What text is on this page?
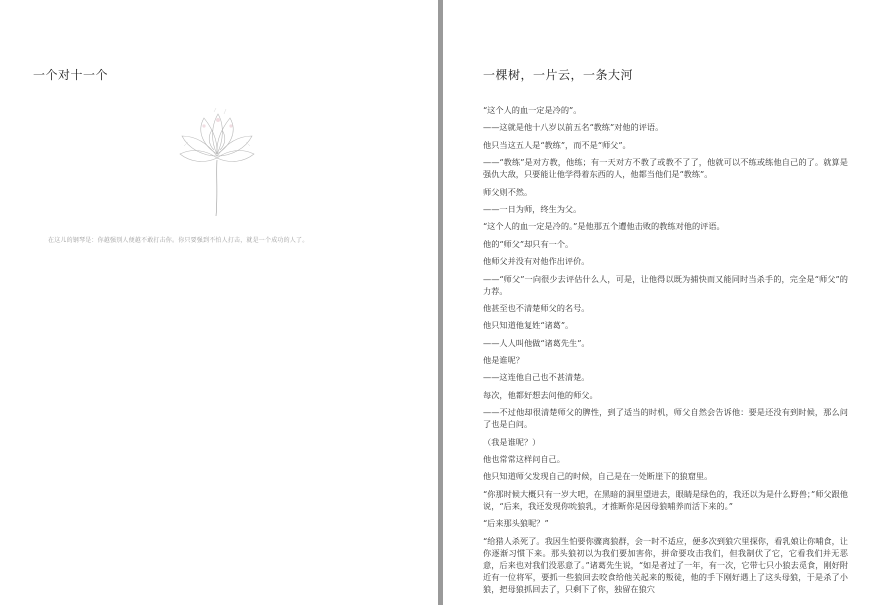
一个对十一个
在这儿的钢琴是：你越强别人便越不敢打击你。你只要强到不怕人打击，就是一个成功的人了。
一棵树，一片云，一条大河

“这个人的血一定是冷的”。

——这就是他十八岁以前五名“教练”对他的评语。

他只当这五人是“教练”，而不是“师父”。

——“教练”是对方教，他练；有一天对方不教了或教不了了，他就可以不练或练他自己的了。就算是强仇大敌，只要能让他学得着东西的人，他都当他们是“教练”。

师父则不然。

——一日为师，终生为父。

“这个人的血一定是冷的。”是他那五个遭他击败的教练对他的评语。

他的“师父”却只有一个。

他师父并没有对他作出评价。

——“师父”一向很少去评估什么人，可是，让他得以既为捕快而又能同时当杀手的，完全是“师父”的力荐。

他甚至也不清楚师父的名号。

他只知道他复姓“诸葛”。

——人人叫他做“诸葛先生”。

他是谁呢？

——这连他自己也不甚清楚。

每次，他都好想去问他的师父。

——不过他却很清楚师父的脾性，到了适当的时机，师父自然会告诉他：要是还没有到时候，那么问了也是白问。

（我是谁呢？）

他也常常这样问自己。

他只知道师父发现自己的时候，自己是在一处断崖下的狼窟里。

“你那时候大概只有一岁大吧，在黑暗的洞里望进去，眼睛是绿色的，我还以为是什么野兽；”师父跟他说，“后来，我还发现你吮狼乳，才推断你是因母狼哺养而活下来的。”

“后来那头狼呢？”

“给猎人杀死了。我因生怕要你骤离狼群，会一时不适应，便多次到狼穴里探你，看乳娘让你哺食，让你逐渐习惯下来。那头狼初以为我们要加害你，拼命要攻击我们，但我制伏了它，它看我们并无恶意，后来也对我们没恶意了。”诸葛先生说，“如是者过了一年，有一次，它带七只小狼去觅食，刚好附近有一位将军，要抓一些狼回去咬食给他关起来的叛徒，他的手下刚好遇上了这头母狼，于是杀了小狼，把母狼抓回去了，只剩下了你，独留在狼穴
